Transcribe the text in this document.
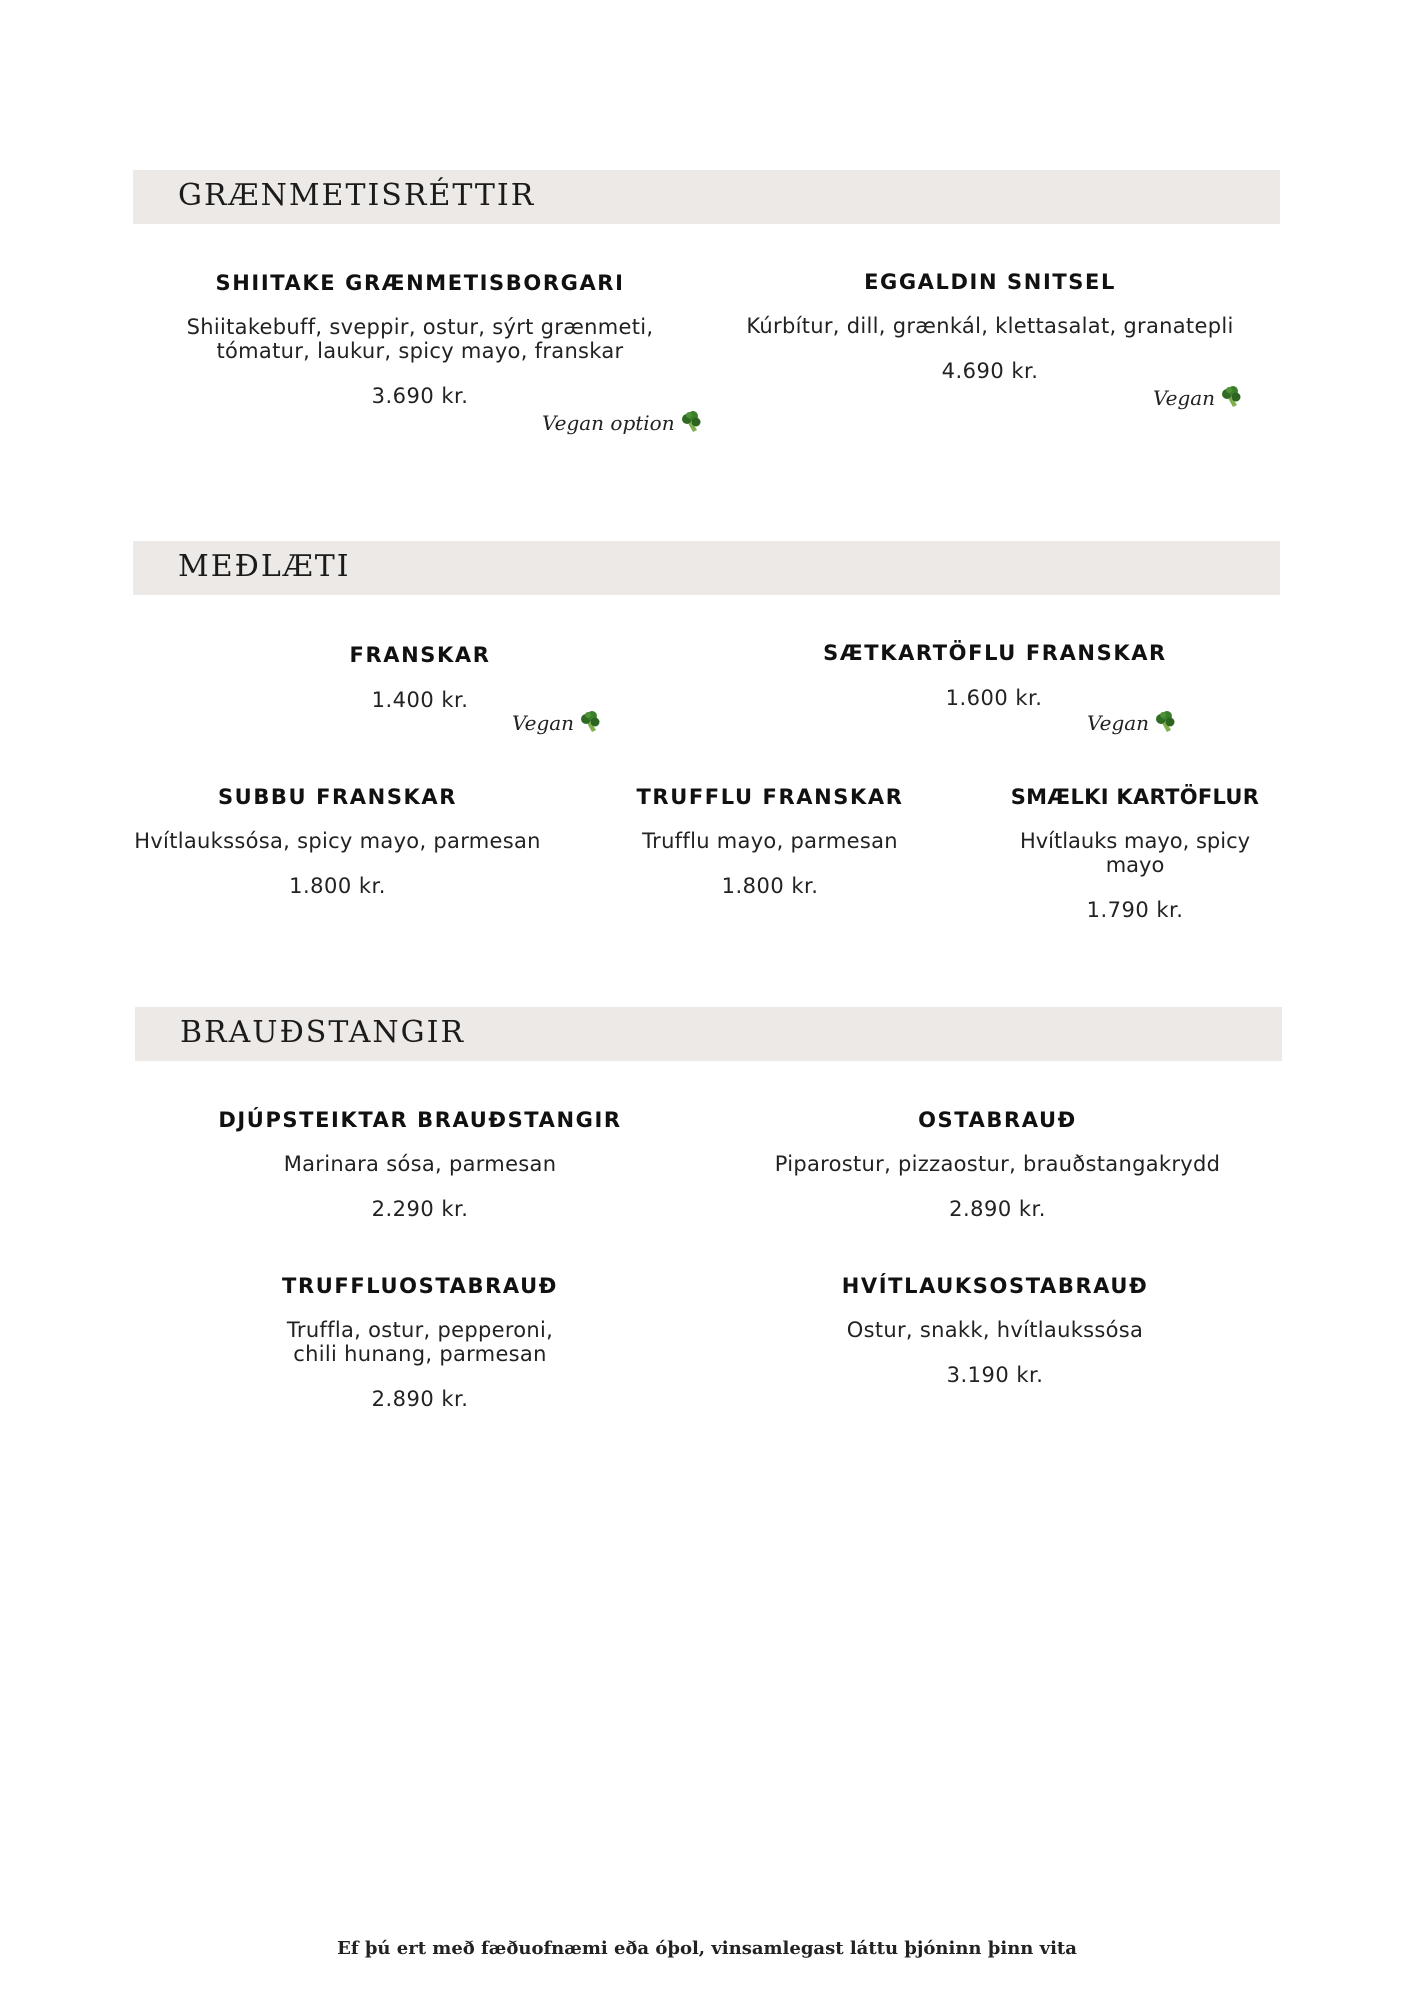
GRÆNMETISRÉTTIR
SHIITAKE GRÆNMETISBORGARI
Shiitakebuff, sveppir, ostur, sýrt grænmeti,
tómatur, laukur, spicy mayo, franskar
3.690 kr.
Vegan option
EGGALDIN SNITSEL
Kúrbítur, dill, grænkál, klettasalat, granatepli
4.690 kr.
Vegan
MEÐLÆTI
FRANSKAR
1.400 kr.
Vegan
SÆTKARTÖFLU FRANSKAR
1.600 kr.
Vegan
SUBBU FRANSKAR
Hvítlaukssósa, spicy mayo, parmesan
1.800 kr.
TRUFFLU FRANSKAR
Trufflu mayo, parmesan
1.800 kr.
SMÆLKI KARTÖFLUR
Hvítlauks mayo, spicy mayo
1.790 kr.
BRAUÐSTANGIR
DJÚPSTEIKTAR BRAUÐSTANGIR
Marinara sósa, parmesan
2.290 kr.
OSTABRAUÐ
Piparostur, pizzaostur, brauðstangakrydd
2.890 kr.
TRUFFLUOSTABRAUÐ
Truffla, ostur, pepperoni,
chili hunang, parmesan
2.890 kr.
HVÍTLAUKSOSTABRAUÐ
Ostur, snakk, hvítlaukssósa
3.190 kr.
Ef þú ert með fæðuofnæmi eða óþol, vinsamlegast láttu þjóninn þinn vita
